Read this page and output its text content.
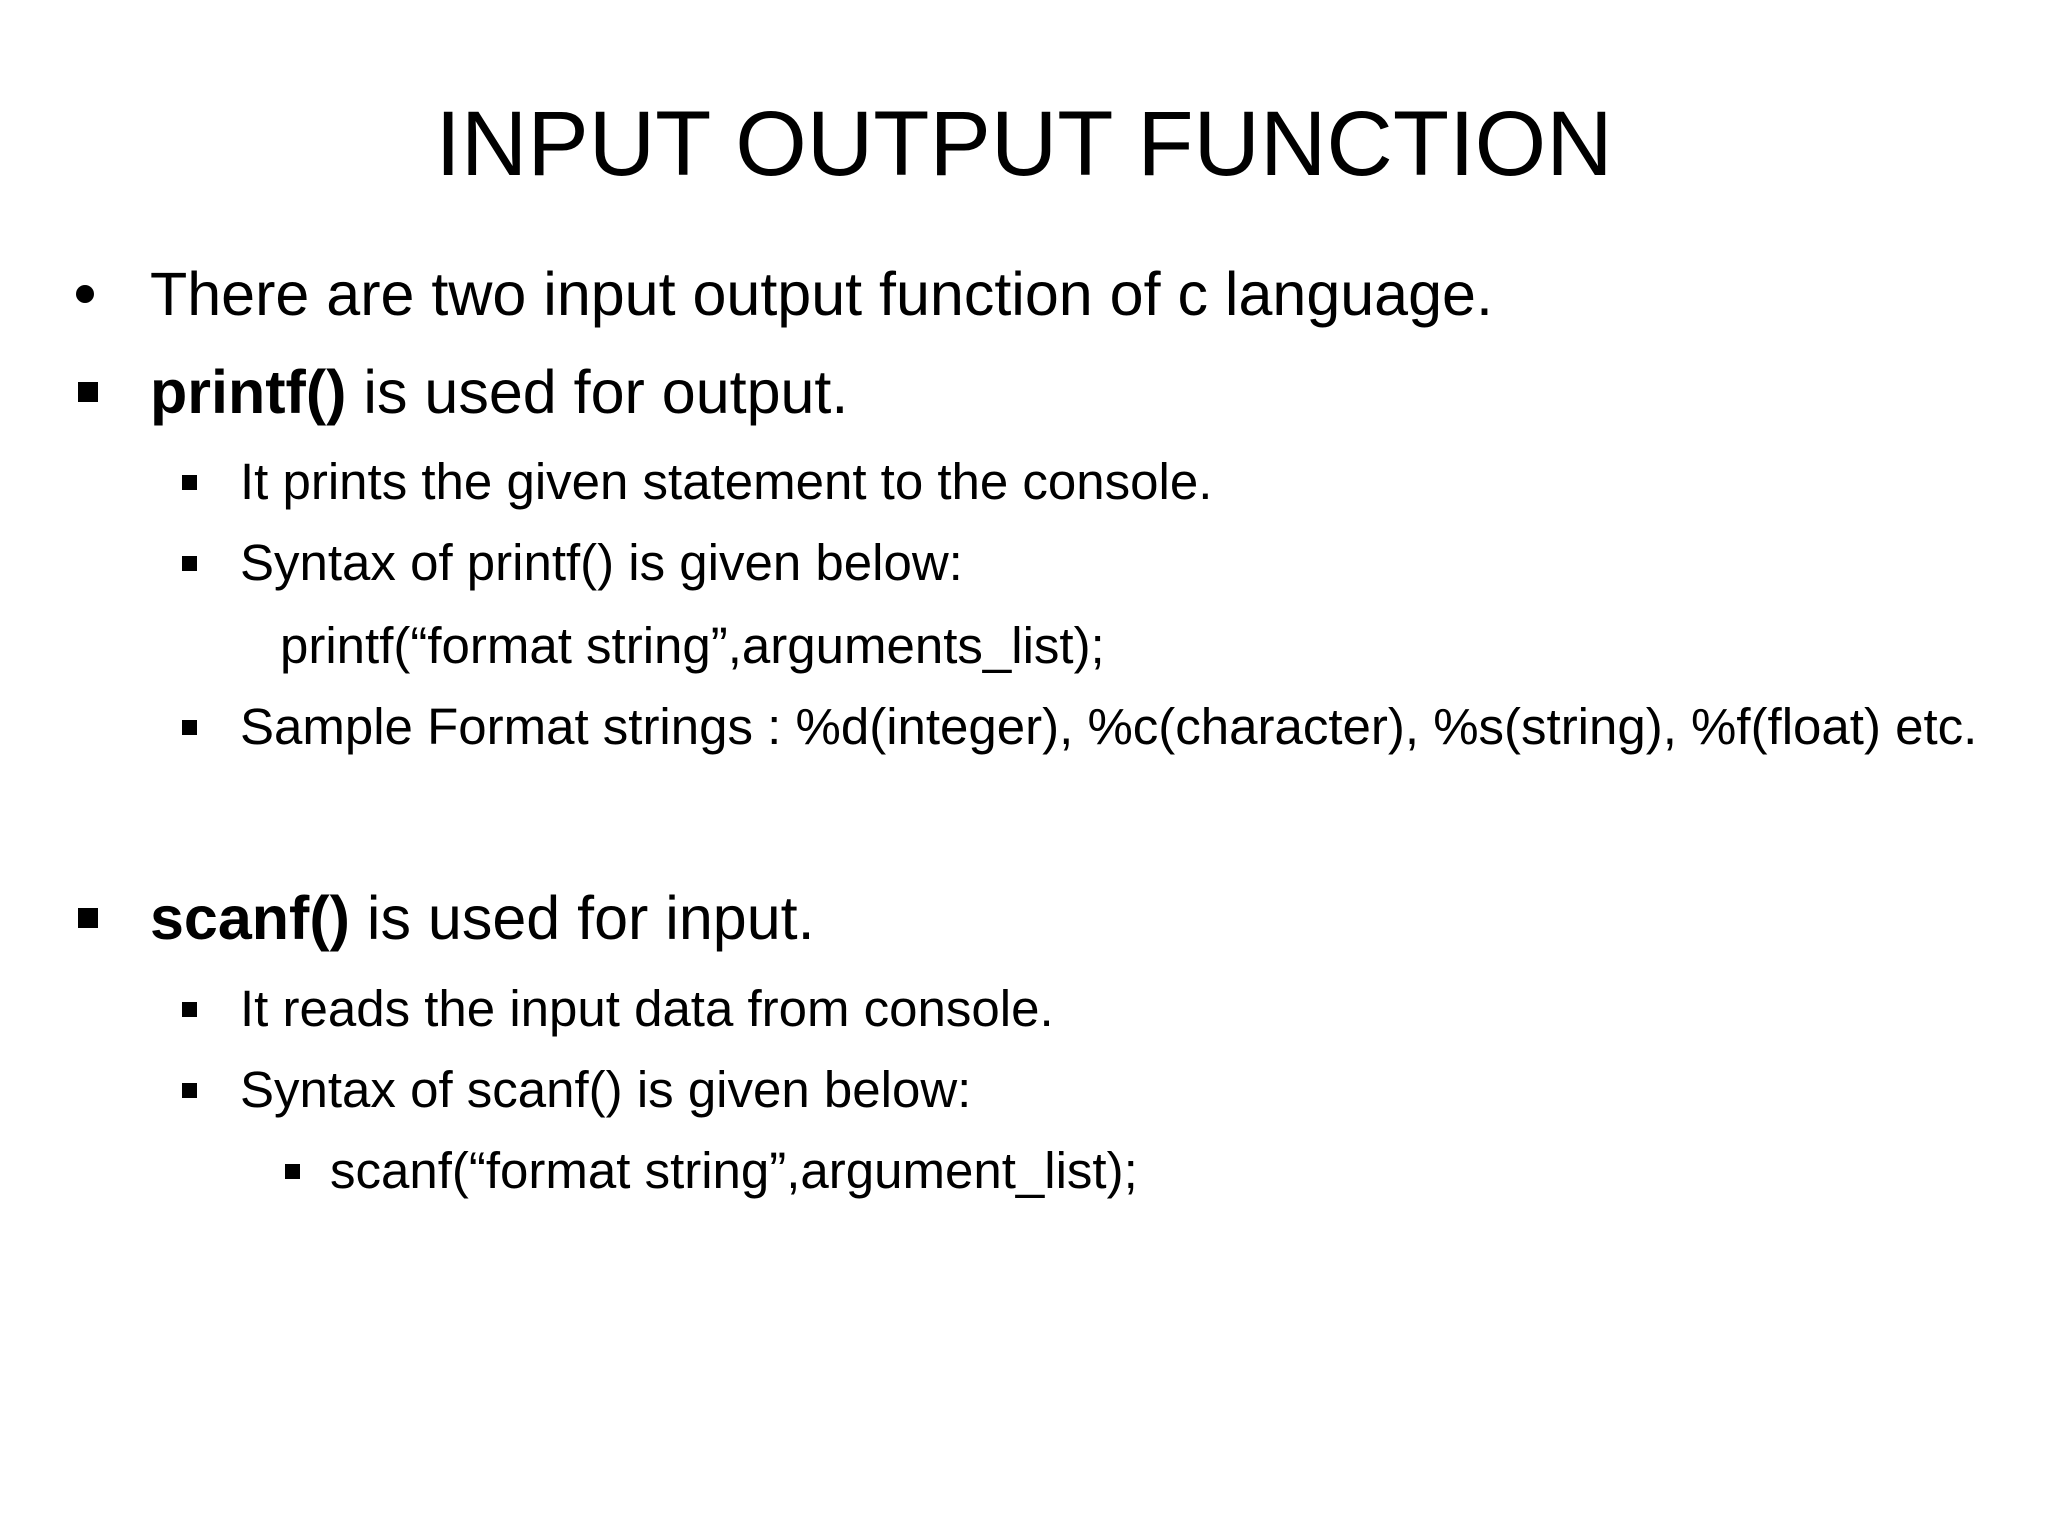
INPUT OUTPUT FUNCTION
There are two input output function of c language.
printf() is used for output.
It prints the given statement to the console.
Syntax of printf() is given below:
printf(“format string”,arguments_list);
Sample Format strings : %d(integer), %c(character), %s(string), %f(float) etc.
scanf() is used for input.
It reads the input data from console.
Syntax of scanf() is given below:
scanf(“format string”,argument_list);
